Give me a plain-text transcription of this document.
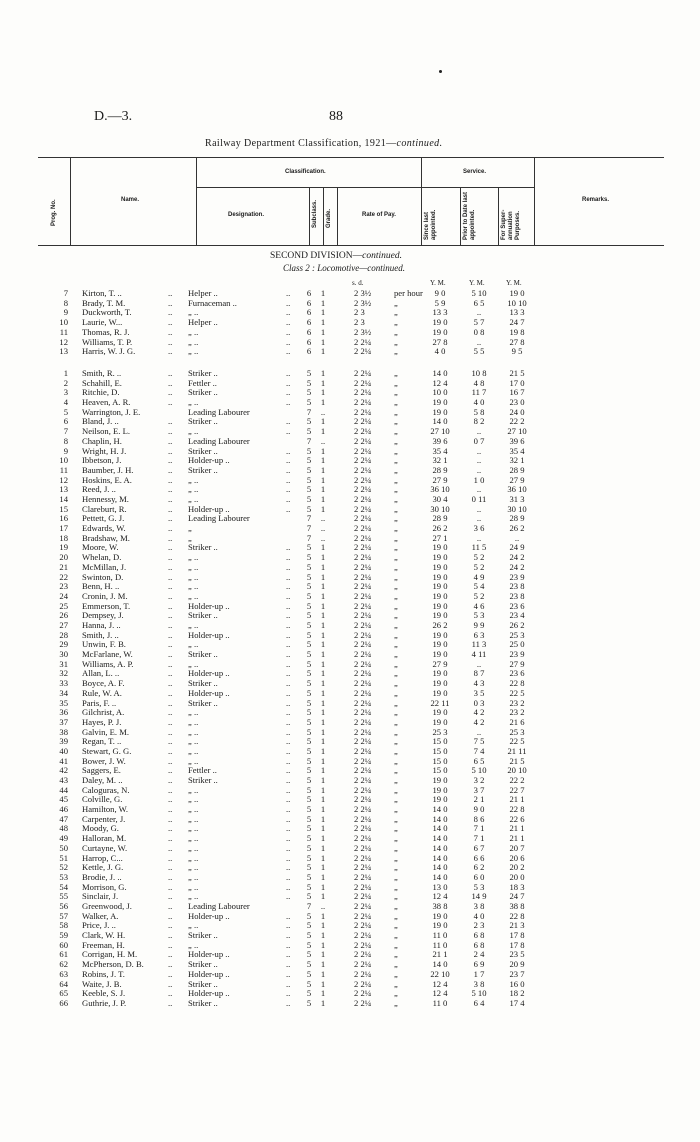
D.—3.	88
Railway Department Classification, 1921—continued.
Prog. No.	Name.
Classification.
Designation.	Subclass. Grade.	Rate of Pay.
Service.
Since last appointed.	Prior to Date last appointed.	For Super-annuation Purposes.
Remarks.
SECOND DIVISION—continued.
Class 2 : Locomotive—continued.
s. d.	Y. M.	Y. M.	Y. M.
7 Kirton, T. ..	.. Helper ..	..	6	1	2 3½	per hour	9 0	5 10	19 0
8 Brady, T. M.	.. Furnaceman ..	..	6	1	2 3½	„	5 9	6 5	10 10
9 Duckworth, T.	.. „ ..	..	6	1	2 3	„	13 3	..	13 3
10 Laurie, W...	.. Helper ..	..	6	1	2 3	„	19 0	5 7	24 7
11 Thomas, R. J.	.. „ ..	..	6	1	2 3½	„	19 0	0 8	19 8
12 Williams, T. P.	.. „ ..	..	6	1	2 2¼	„	27 8	..	27 8
13 Harris, W. J. G.	.. „ ..	..	6	1	2 2¼	„	4 0	5 5	9 5
1 Smith, R. ..	.. Striker ..	..	5	1	2 2¼	„	14 0	10 8	21 5
2 Schahill, E.	.. Fettler ..	..	5	1	2 2¼	„	12 4	4 8	17 0
3 Ritchie, D.	.. Striker ..	..	5	1	2 2¼	„	10 0	11 7	16 7
4 Heaven, A. R.	.. „ ..	..	5	1	2 2¼	„	19 0	4 0	23 0
5 Warrington, J. E.	Leading Labourer	7	..	2 2¼	„	19 0	5 8	24 0
6 Bland, J. ..	.. Striker ..	..	5	1	2 2¼	„	14 0	8 2	22 2
7 Neilson, E. L.	.. „ ..	..	5	1	2 2¼	„	27 10	..	27 10
8 Chaplin, H.	.. Leading Labourer	7	..	2 2¼	„	39 6	0 7	39 6
9 Wright, H. J.	.. Striker ..	..	5	1	2 2¼	„	35 4	..	35 4
10 Ibbetson, J.	.. Holder-up ..	..	5	1	2 2¼	„	32 1	..	32 1
11 Baumber, J. H.	.. Striker ..	..	5	1	2 2¼	„	28 9	..	28 9
12 Hoskins, E. A.	.. „ ..	..	5	1	2 2¼	„	27 9	1 0	27 9
13 Reed, J. ..	.. „ ..	..	5	1	2 2¼	„	36 10	..	36 10
14 Hennessy, M.	.. „ ..	..	5	1	2 2¼	„	30 4	0 11	31 3
15 Clareburt, R.	.. Holder-up ..	..	5	1	2 2¼	„	30 10	..	30 10
16 Pettett, G. J.	.. Leading Labourer	7	..	2 2¼	„	28 9	..	28 9
17 Edwards, W.	.. „	7	..	2 2¼	„	26 2	3 6	26 2
18 Bradshaw, M.	.. „	7	..	2 2¼	„	27 1	..	..
19 Moore, W.	.. Striker ..	..	5	1	2 2¼	„	19 0	11 5	24 9
20 Whelan, D.	.. „ ..	..	5	1	2 2¼	„	19 0	5 2	24 2
21 McMillan, J.	.. „ ..	..	5	1	2 2¼	„	19 0	5 2	24 2
22 Swinton, D.	.. „ ..	..	5	1	2 2¼	„	19 0	4 9	23 9
23 Benn, H. ..	.. „ ..	..	5	1	2 2¼	„	19 0	5 4	23 8
24 Cronin, J. M.	.. „ ..	..	5	1	2 2¼	„	19 0	5 2	23 8
25 Emmerson, T.	.. Holder-up ..	..	5	1	2 2¼	„	19 0	4 6	23 6
26 Dempsey, J.	.. Striker ..	..	5	1	2 2¼	„	19 0	5 3	23 4
27 Hanna, J. ..	.. „ ..	..	5	1	2 2¼	„	26 2	9 9	26 2
28 Smith, J. ..	.. Holder-up ..	..	5	1	2 2¼	„	19 0	6 3	25 3
29 Unwin, F. B.	.. „ ..	..	5	1	2 2¼	„	19 0	11 3	25 0
30 McFarlane, W.	.. Striker ..	..	5	1	2 2¼	„	19 0	4 11	23 9
31 Williams, A. P.	.. „ ..	..	5	1	2 2¼	„	27 9	..	27 9
32 Allan, L. ..	.. Holder-up ..	..	5	1	2 2¼	„	19 0	8 7	23 6
33 Boyce, A. F.	.. Striker ..	..	5	1	2 2¼	„	19 0	4 3	22 8
34 Rule, W. A.	.. Holder-up ..	..	5	1	2 2¼	„	19 0	3 5	22 5
35 Paris, F. ..	.. Striker ..	..	5	1	2 2¼	„	22 11	0 3	23 2
36 Gilchrist, A.	.. „ ..	..	5	1	2 2¼	„	19 0	4 2	23 2
37 Hayes, P. J.	.. „ ..	..	5	1	2 2¼	„	19 0	4 2	21 6
38 Galvin, E. M.	.. „ ..	..	5	1	2 2¼	„	25 3	..	25 3
39 Regan, T. ..	.. „ ..	..	5	1	2 2¼	„	15 0	7 5	22 5
40 Stewart, G. G.	.. „ ..	..	5	1	2 2¼	„	15 0	7 4	21 11
41 Bower, J. W.	.. „ ..	..	5	1	2 2¼	„	15 0	6 5	21 5
42 Saggers, E.	.. Fettler ..	..	5	1	2 2¼	„	15 0	5 10	20 10
43 Daley, M. ..	.. Striker ..	..	5	1	2 2¼	„	19 0	3 2	22 2
44 Caloguras, N.	.. „ ..	..	5	1	2 2¼	„	19 0	3 7	22 7
45 Colville, G.	.. „ ..	..	5	1	2 2¼	„	19 0	2 1	21 1
46 Hamilton, W.	.. „ ..	..	5	1	2 2¼	„	14 0	9 0	22 8
47 Carpenter, J.	.. „ ..	..	5	1	2 2¼	„	14 0	8 6	22 6
48 Moody, G.	.. „ ..	..	5	1	2 2¼	„	14 0	7 1	21 1
49 Halloran, M.	.. „ ..	..	5	1	2 2¼	„	14 0	7 1	21 1
50 Curtayne, W.	.. „ ..	..	5	1	2 2¼	„	14 0	6 7	20 7
51 Harrop, C...	.. „ ..	..	5	1	2 2¼	„	14 0	6 6	20 6
52 Kettle, J. G.	.. „ ..	..	5	1	2 2¼	„	14 0	6 2	20 2
53 Brodie, J. ..	.. „ ..	..	5	1	2 2¼	„	14 0	6 0	20 0
54 Morrison, G.	.. „ ..	..	5	1	2 2¼	„	13 0	5 3	18 3
55 Sinclair, J.	.. „ ..	..	5	1	2 2¼	„	12 4	14 9	24 7
56 Greenwood, J.	.. Leading Labourer	7	..	2 2¼	„	38 8	3 8	38 8
57 Walker, A.	.. Holder-up ..	..	5	1	2 2¼	„	19 0	4 0	22 8
58 Price, J. ..	.. „ ..	..	5	1	2 2¼	„	19 0	2 3	21 3
59 Clark, W. H.	.. Striker ..	..	5	1	2 2¼	„	11 0	6 8	17 8
60 Freeman, H.	.. „ ..	..	5	1	2 2¼	„	11 0	6 8	17 8
61 Corrigan, H. M.	.. Holder-up ..	..	5	1	2 2¼	„	21 1	2 4	23 5
62 McPherson, D. B.	.. Striker ..	..	5	1	2 2¼	„	14 0	6 9	20 9
63 Robins, J. T.	.. Holder-up ..	..	5	1	2 2¼	„	22 10	1 7	23 7
64 Waite, J. B.	.. Striker ..	..	5	1	2 2¼	„	12 4	3 8	16 0
65 Keeble, S. J.	.. Holder-up ..	..	5	1	2 2¼	„	12 4	5 10	18 2
66 Guthrie, J. P.	.. Striker ..	..	5	1	2 2¼	„	11 0	6 4	17 4
